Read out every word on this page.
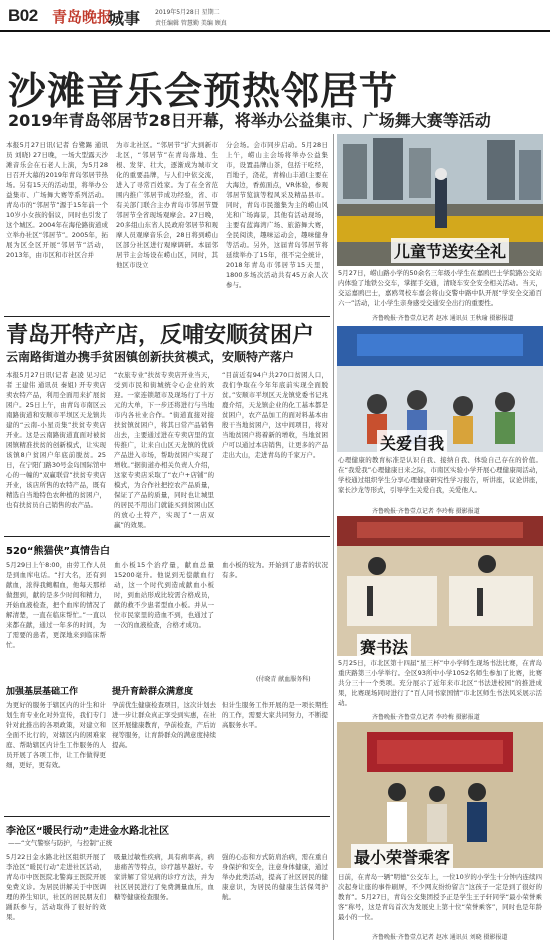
B02 青岛晚报
城事 2019年5月28日 星期二
责任编辑 管慧勤 美编 顾真
沙滩音乐会预热邻居节
2019年青岛邻居节28日开幕，将举办公益集市、广场舞大赛等活动
本报5月27日讯(记者 台鹭踢 通讯员 刘晓) 27日晚，一场大型露天沙滩音乐会在石老人上演，为5月28日召开大幕的2019年青岛邻居节热场。另有15天的活动里，将举办公益集市、广场舞大赛等系列活动。青岛市的“邻居节”源于15年前一个10岁小女孩的倡议，同时也引发了这个城区。2004年在海伦路街道成立举办社区“邻居节”。2005年，拓展为区全区开展“邻居节”活动，2013年，由市区和市社区合并
为市北社区。“邻居节”扩大到新市北区，“邻居节”在青岛落地、生根、发芽、壮大，逐渐成为城市文化的重要品牌，与人们中依交流，进入了寻常百姓家。为了在全省范围内推广邻居节成功经验，省、市有关部门联合主办青岛市邻居节暨邻居节全省现场观摩会。27日晚，20多组山东省人民政府邻居节和观摩人员观摩音乐会，28日将到崂山区部分社区进行观摩调研。本届邻居节主会场设在崂山区，同时，其他区市设立
分会场。会市同步启动。5月28日上午，崂山主会场将举办公益集市，设置品牌山茶，包括干吃经，百地子，浇花，青棉山丰道(主要在大海边，香蕉面点，VR体验，参观邻居节览演等程风采及精品县市。同时，青岛市民邀集为主的崂山风光和广场海景，其他有活动现场，主要有蓝海湾广场、旅游舞大赛，全民阅读，趣味运动会，趣味健身等活动。另外，这届青岛邻居节将延续举办了15年，很不完全统计，2018年青岛市邻居节15天里，1800多场次活动共有45万余人次参与。
儿童节送安全礼
5月27日，崂山路小学的50余名三年级小学生在嘉鸥巴士学院路公交站内体验了地铁公交车，掌握手交通，清晓车安全安全相关活动。当天，交运嘉鸥巴士，嘉鸥驾校车嘉会将山交警中路中队开展“学安全交通百六一”活动，让小学生亲身感受交通安全出行的重要性。
齐鲁晚报·齐鲁壹点记者 赵冰 通讯员 王秋瑜 摄影报道
青岛开特产店，反哺安顺贫困户
云南路街道办携手贫困镇创新扶贫模式，安顺特产落户
本报5月27日讯(记者 赵凌 见习记者 王建伟 通讯员 秦姐) 开专卖店卖农特产品，利用全面用来扩展贫困户。25日上午，由青岛市南区云南路街道和安顺市平坝区天龙镇共建的“云南-小星贡集”扶贫专卖店开业。这是云南路街道直面对被贫困镇精准扶贫的创新模式，让实现该镇8户贫困户年底前脱贫。25日，在宁阳门路30号金岛国际馆中心的一幢的“双赢联营”扶贫专卖店开业，该店所售的农特产品，既有精选自当地特色农种植的贫困户，也有扶贫员自己销售的农产品。
“农旅专业”扶贫专卖店开业当天，受到市民和街城统令心企业的欢迎。一家连锁超市及现场行了十万元的大单，下一步还将进行与当地市内各社业合作。“街道直接对接扶贫镇贫困户，将其日常产品销售出去，主要通过进在专卖店里的宣传推广，让来自山区天龙镇的优质产品进入市场，帮助贫困户实现了增收。”据街道办相关负责人介绍，这家专卖店采取了“农户+店铺”的模式，为合作社把控农产品质量，保证了产品的质量，同时也让城里的居民不用出门就能买到贫困山区的放心土特产，实现了“一店双赢”的效果。
“目前近有94户共270口贫困人口，我们争取在今年年底前实现全面脱贫。”安顺市平坝区天龙镇党委书记兆鹿介绍，天龙镇企业的化工基本都是贫困户，农产品加工的面对料基本由殷干当地贫困户，这中间项目，将对当地贫困户将着新的增收，当地贫困户可以通过本店销售，让更多的产品走出大山，走进青岛的千家万户。
关爱自我
心理健康的教育标准是认识自我、接纳自我、体验自己存在的价值。在“我爱我”心理健康日来之际，市南区实验小学开展心理健康周活动，学校通过组织学生分享心理健康研究性学习报告，听讲座，议论讲座，家长沙龙等形式，引导学生关爱自我，关爱他人。
齐鲁晚报·齐鲁壹点记者 李玲梅 摄影报道
520“熊猫侠”真情告白
5月29日上午8:00，由劳工作人员是到血库电话。“打大名，还有到献血，浓得我鲍帽血，他每天那样做想到，献的是多少时间和精力，开始血液检查，把个血库的情况了解清楚，一直在临床帮忙。”一直以来都在献，通过一年多的时间，为了需要的患者，更深地来到临床帮忙。
血小板15个治疗量，献血总量15200毫升。他说到无偿献血行动，这一个时代到造成献血小板时，到血站形成比较需合格成员，献的救不少患者型血小板。并从一位市民家里的造血不到，也通过了一次的血液检查，合格才成功。
血小板的较为。开始到了患者的状况有多。
(付晓青 献血服务科)
加强基层基础工作
为更好的服务于辖区内的计生和计划生育专业化对外宣传，我们专门针对此推出的各项政策，对建立和全面不比行的，对辖区内的困难家庭、帮助辖区内计生工作服务的人员开展了各项工作，让工作做得更细，更好，更有效。
提升育龄群众满意度
孕前优生健康检查项目，这次计划去进一步让群众真正享受到实惠，在社区开展健康教育，孕前检查，产后访视等服务，让育龄群众的满意度持续提高。
但计生服务工作开展的是一项长期性的工作，需要大家共同努力，不断提高服务水平。
李沧区“暖民行动”走进金水路北社区
——“文气警察与防护，与控制”正统
5月22日金水路北社区组织开展了李沧区“暖民行动”走进社区活动，青岛市中医医院北警海王医院开展免费义诊。为居民讲解关于中医调理的养生知识，社区的居民朋友们踊跃参与，活动取得了很好的效果。
吸量过敏性疾病，具有病率高，病患痛苦等特点，诊疗越早越好。专家讲解了常见病的诊疗方法，并为社区居民进行了免费测量血压，血糖等健康检查服务。
强的心态和方式防肩治病，需在重自身保护和安全，注意身体健康，通过举办此类活动，提高了社区居民的健康意识，为居民的健康生活保驾护航。
赛书法
5月25日，市北区第十四届“星三杯”中小学师生现场书法比赛，在青岛重庆路第三小学举行。全区93所中小学1052名师生参加了比赛，比赛共分三十一个类项。充分展示了近年来市北区“书法进校园”的推进成果，比赛现场同时进行了“百人同书家国情”市北区师生书法风采展示活动。
齐鲁晚报·齐鲁壹点记者 李玲梅 摄影报道
最小荣誉乘客
日前，在青岛一辆“明德”公交车上，一位10岁的小学生十分钟内连续四次起身让座的事件刷屏，不少网友纷纷留言“这孩子一定是到了很好的教育”。5月27日，青岛公交集团授予正是学生王子轩同学“最小荣誉乘客”称号，这是青岛首次为发展史上第十位“荣誉乘客”，同时也是年龄最小的一位。
齐鲁晚报·齐鲁壹点记者 赵冰 通讯员 刘晓 摄影报道
